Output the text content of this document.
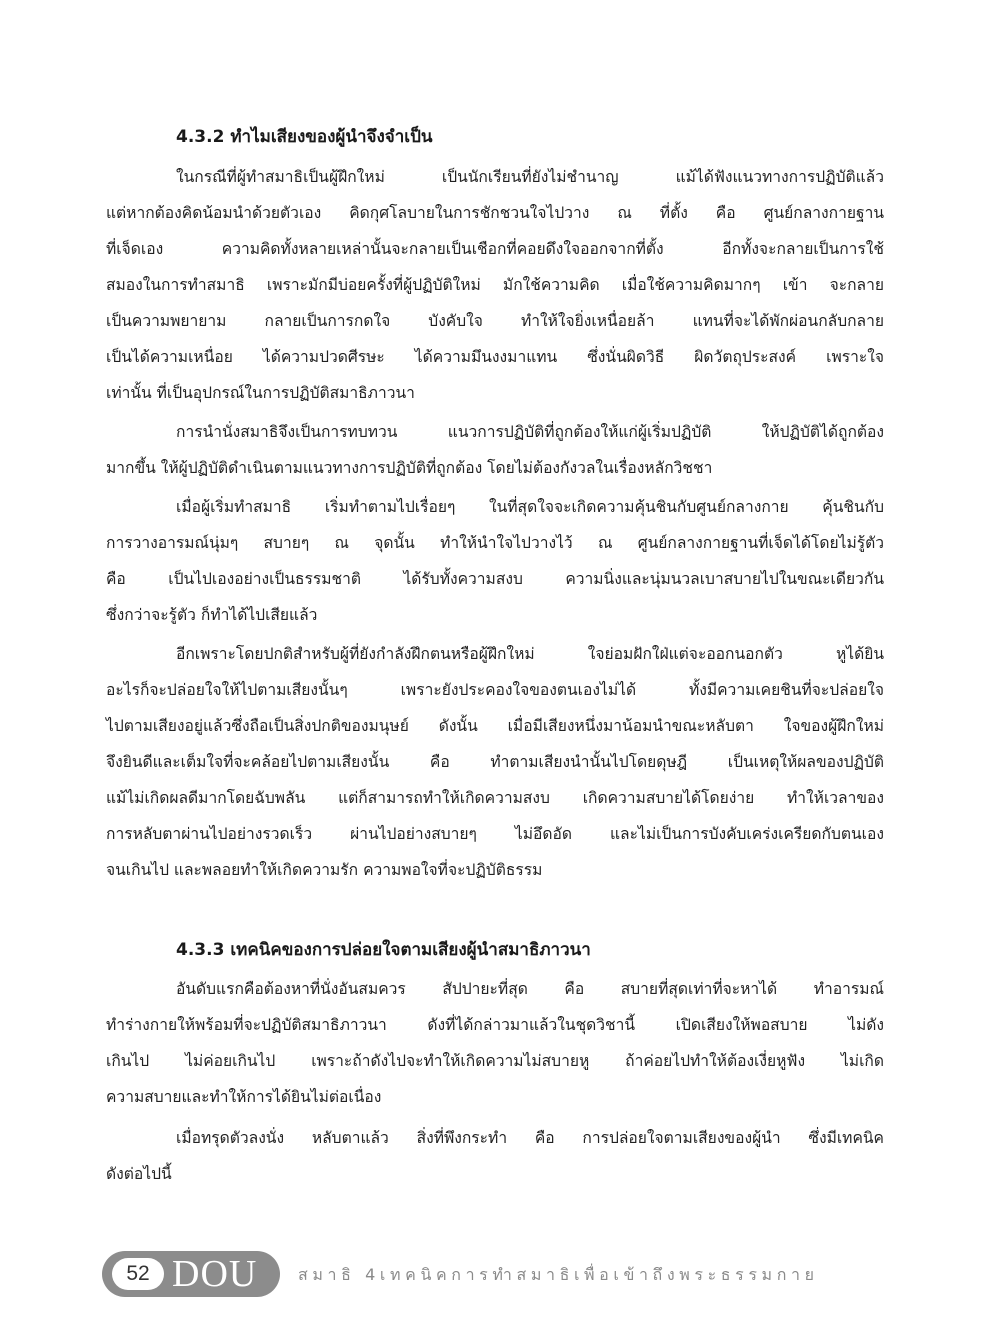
4.3.2 ทำไมเสียงของผู้นำจึงจำเป็น
ในกรณีที่ผู้ทำสมาธิเป็นผู้ฝึกใหม่ เป็นนักเรียนที่ยังไม่ชำนาญ แม้ได้ฟังแนวทางการปฏิบัติแล้ว
แต่หากต้องคิดน้อมนำด้วยตัวเอง คิดกุศโลบายในการชักชวนใจไปวาง ณ ที่ตั้ง คือ ศูนย์กลางกายฐาน
ที่เจ็ดเอง ความคิดทั้งหลายเหล่านั้นจะกลายเป็นเชือกที่คอยดึงใจออกจากที่ตั้ง อีกทั้งจะกลายเป็นการใช้
สมองในการทำสมาธิ เพราะมักมีบ่อยครั้งที่ผู้ปฏิบัติใหม่ มักใช้ความคิด เมื่อใช้ความคิดมากๆ เข้า จะกลาย
เป็นความพยายาม กลายเป็นการกดใจ บังคับใจ ทำให้ใจยิ่งเหนื่อยล้า แทนที่จะได้พักผ่อนกลับกลาย
เป็นได้ความเหนื่อย ได้ความปวดศีรษะ ได้ความมึนงงมาแทน ซึ่งนั่นผิดวิธี ผิดวัตถุประสงค์ เพราะใจ
เท่านั้น ที่เป็นอุปกรณ์ในการปฏิบัติสมาธิภาวนา
การนำนั่งสมาธิจึงเป็นการทบทวน แนวการปฏิบัติที่ถูกต้องให้แก่ผู้เริ่มปฏิบัติ ให้ปฏิบัติได้ถูกต้อง
มากขึ้น ให้ผู้ปฏิบัติดำเนินตามแนวทางการปฏิบัติที่ถูกต้อง โดยไม่ต้องกังวลในเรื่องหลักวิชชา
เมื่อผู้เริ่มทำสมาธิ เริ่มทำตามไปเรื่อยๆ ในที่สุดใจจะเกิดความคุ้นชินกับศูนย์กลางกาย คุ้นชินกับ
การวางอารมณ์นุ่มๆ สบายๆ ณ จุดนั้น ทำให้นำใจไปวางไว้ ณ ศูนย์กลางกายฐานที่เจ็ดได้โดยไม่รู้ตัว
คือ เป็นไปเองอย่างเป็นธรรมชาติ ได้รับทั้งความสงบ ความนิ่งและนุ่มนวลเบาสบายไปในขณะเดียวกัน
ซึ่งกว่าจะรู้ตัว ก็ทำได้ไปเสียแล้ว
อีกเพราะโดยปกติสำหรับผู้ที่ยังกำลังฝึกตนหรือผู้ฝึกใหม่ ใจย่อมฝักใฝ่แต่จะออกนอกตัว หูได้ยิน
อะไรก็จะปล่อยใจให้ไปตามเสียงนั้นๆ เพราะยังประคองใจของตนเองไม่ได้ ทั้งมีความเคยชินที่จะปล่อยใจ
ไปตามเสียงอยู่แล้วซึ่งถือเป็นสิ่งปกติของมนุษย์ ดังนั้น เมื่อมีเสียงหนึ่งมาน้อมนำขณะหลับตา ใจของผู้ฝึกใหม่
จึงยินดีและเต็มใจที่จะคล้อยไปตามเสียงนั้น คือ ทำตามเสียงนำนั้นไปโดยดุษฎี เป็นเหตุให้ผลของปฏิบัติ
แม้ไม่เกิดผลดีมากโดยฉับพลัน แต่ก็สามารถทำให้เกิดความสงบ เกิดความสบายได้โดยง่าย ทำให้เวลาของ
การหลับตาผ่านไปอย่างรวดเร็ว ผ่านไปอย่างสบายๆ ไม่อึดอัด และไม่เป็นการบังคับเคร่งเครียดกับตนเอง
จนเกินไป และพลอยทำให้เกิดความรัก ความพอใจที่จะปฏิบัติธรรม
4.3.3 เทคนิคของการปล่อยใจตามเสียงผู้นำสมาธิภาวนา
อันดับแรกคือต้องหาที่นั่งอันสมควร สัปปายะที่สุด คือ สบายที่สุดเท่าที่จะหาได้ ทำอารมณ์
ทำร่างกายให้พร้อมที่จะปฏิบัติสมาธิภาวนา ดังที่ได้กล่าวมาแล้วในชุดวิชานี้ เปิดเสียงให้พอสบาย ไม่ดัง
เกินไป ไม่ค่อยเกินไป เพราะถ้าดังไปจะทำให้เกิดความไม่สบายหู ถ้าค่อยไปทำให้ต้องเงี่ยหูฟัง ไม่เกิด
ความสบายและทำให้การได้ยินไม่ต่อเนื่อง
เมื่อทรุดตัวลงนั่ง หลับตาแล้ว สิ่งที่พึงกระทำ คือ การปล่อยใจตามเสียงของผู้นำ ซึ่งมีเทคนิค
ดังต่อไปนี้
52 DOU	สมาธิ 4เทคนิคการทำสมาธิเพื่อเข้าถึงพระธรรมกาย
